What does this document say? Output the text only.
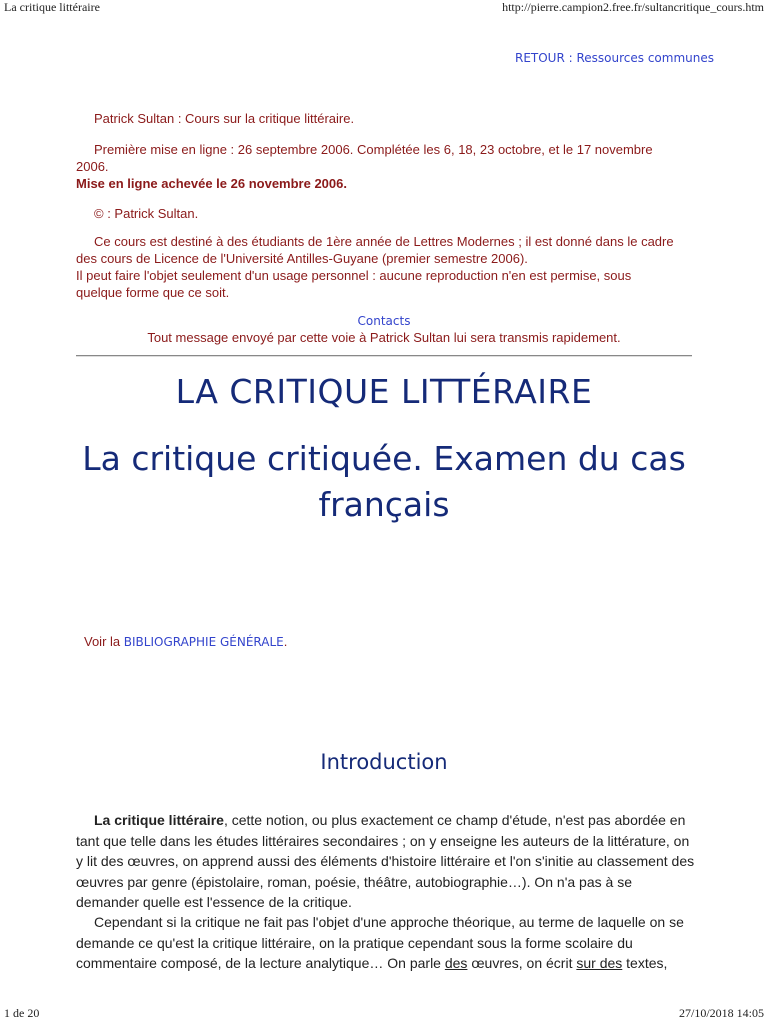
La critique littéraire	http://pierre.campion2.free.fr/sultancritique_cours.htm
RETOUR : Ressources communes
Patrick Sultan : Cours sur la critique littéraire.
Première mise en ligne : 26 septembre 2006. Complétée les 6, 18, 23 octobre, et le 17 novembre 2006.
Mise en ligne achevée le 26 novembre 2006.
© : Patrick Sultan.
Ce cours est destiné à des étudiants de 1ère année de Lettres Modernes ; il est donné dans le cadre des cours de Licence de l'Université Antilles-Guyane (premier semestre 2006).
Il peut faire l'objet seulement d'un usage personnel : aucune reproduction n'en est permise, sous quelque forme que ce soit.
Contacts
Tout message envoyé par cette voie à Patrick Sultan lui sera transmis rapidement.
LA CRITIQUE LITTÉRAIRE
La critique critiquée. Examen du cas français
Voir la BIBLIOGRAPHIE GÉNÉRALE.
Introduction
La critique littéraire, cette notion, ou plus exactement ce champ d'étude, n'est pas abordée en tant que telle dans les études littéraires secondaires ; on y enseigne les auteurs de la littérature, on y lit des œuvres, on apprend aussi des éléments d'histoire littéraire et l'on s'initie au classement des œuvres par genre (épistolaire, roman, poésie, théâtre, autobiographie…). On n'a pas à se demander quelle est l'essence de la critique.
Cependant si la critique ne fait pas l'objet d'une approche théorique, au terme de laquelle on se demande ce qu'est la critique littéraire, on la pratique cependant sous la forme scolaire du commentaire composé, de la lecture analytique… On parle des œuvres, on écrit sur des textes,
1 de 20	27/10/2018 14:05
